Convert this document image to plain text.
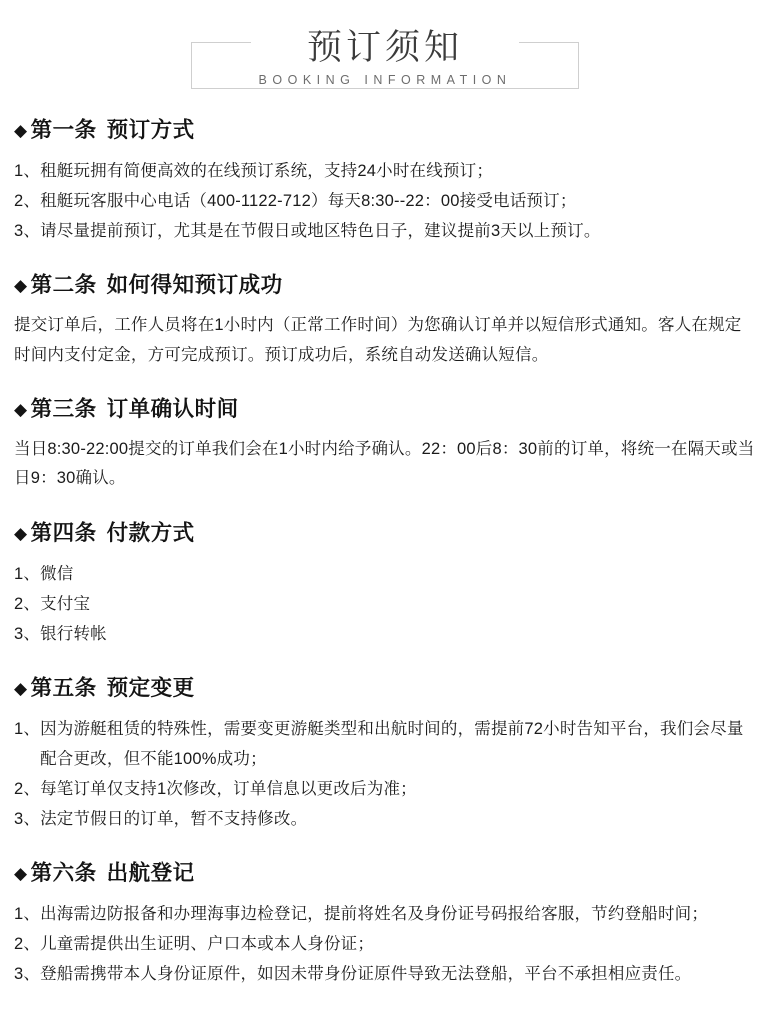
预订须知
BOOKING INFORMATION
◆ 第一条 预订方式
1、 租艇玩拥有简便高效的在线预订系统，支持24小时在线预订；
2、 租艇玩客服中心电话（400-1122-712）每天8:30--22：00接受电话预订；
3、 请尽量提前预订，尤其是在节假日或地区特色日子，建议提前3天以上预订。
◆ 第二条 如何得知预订成功

提交订单后，工作人员将在1小时内（正常工作时间）为您确认订单并以短信形式通知。客人在规定时间内支付定金，方可完成预订。预订成功后，系统自动发送确认短信。

◆ 第三条 订单确认时间

当日8:30-22:00提交的订单我们会在1小时内给予确认。22：00后8：30前的订单，将统一在隔天或当日9：30确认。

◆ 第四条 付款方式
1、 微信
2、 支付宝
3、 银行转帐
◆ 第五条 预定变更
1、 因为游艇租赁的特殊性，需要变更游艇类型和出航时间的，需提前72小时告知平台，我们会尽量配合更改，但不能100%成功；
2、 每笔订单仅支持1次修改，订单信息以更改后为准；
3、 法定节假日的订单，暂不支持修改。
◆ 第六条 出航登记
1、 出海需边防报备和办理海事边检登记，提前将姓名及身份证号码报给客服，节约登船时间；
2、 儿童需提供出生证明、户口本或本人身份证；
3、 登船需携带本人身份证原件，如因未带身份证原件导致无法登船，平台不承担相应责任。
